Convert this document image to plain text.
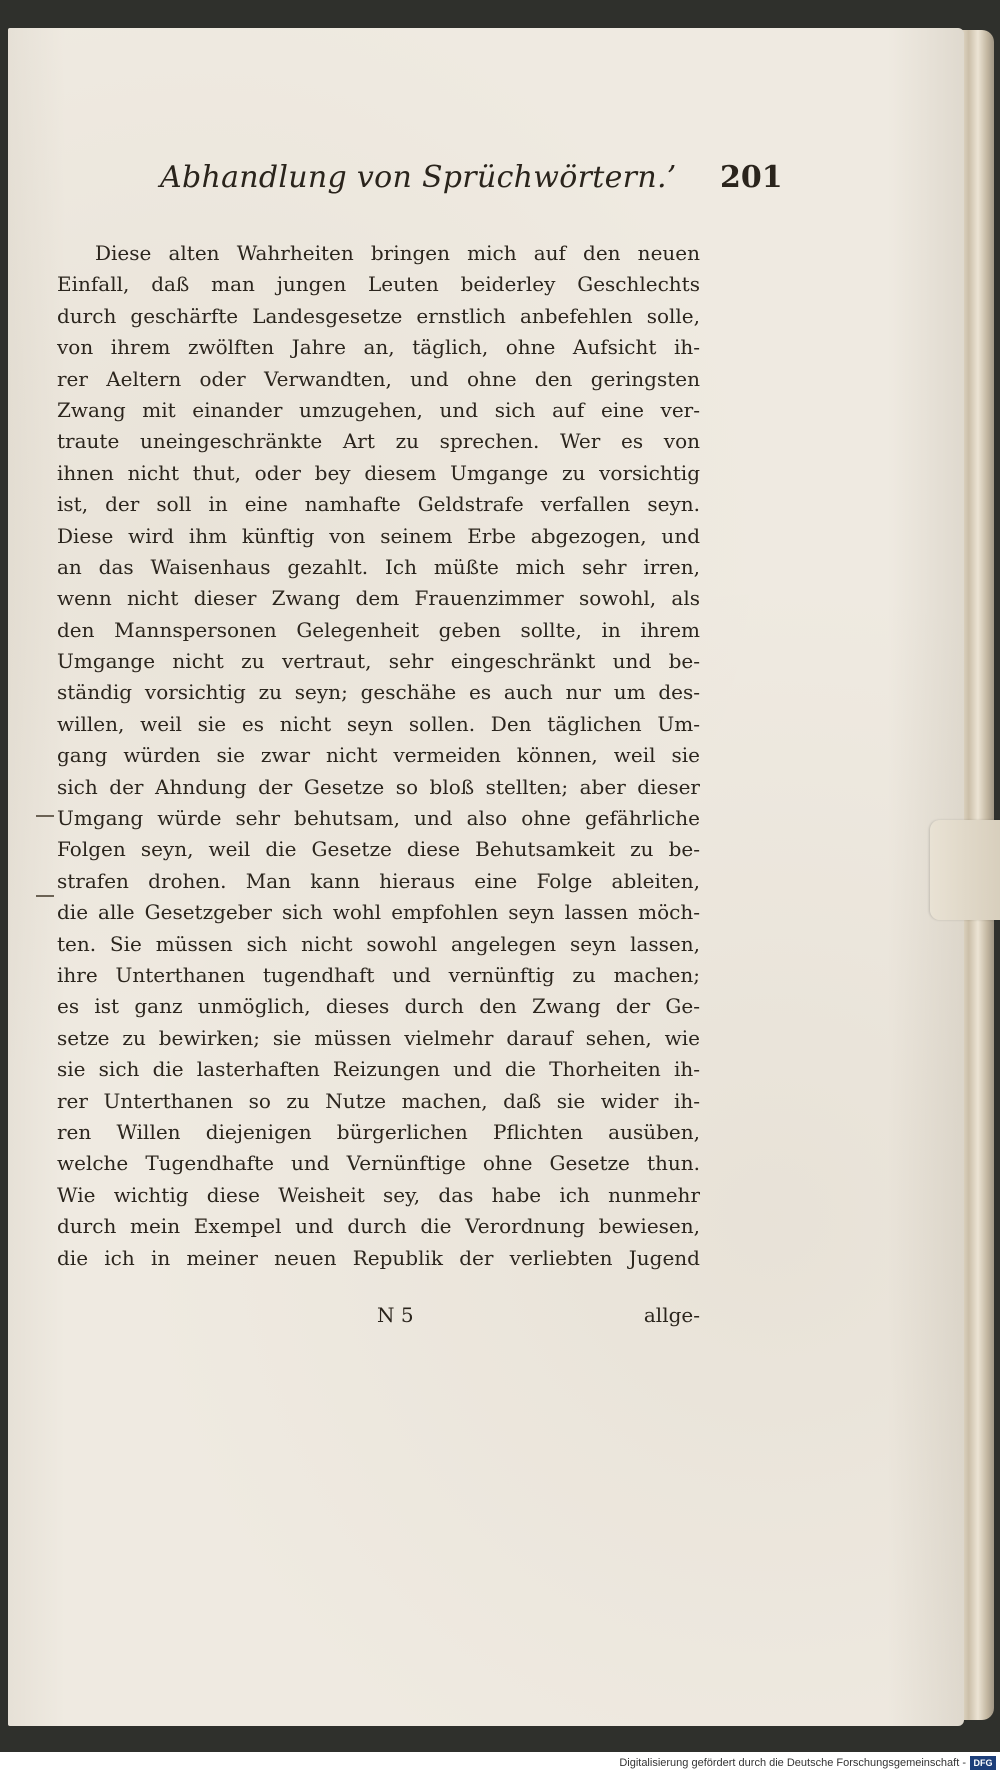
Abhandlung von Sprüchwörtern.’ 201
Diese alten Wahrheiten bringen mich auf den neuen
Einfall, daß man jungen Leuten beiderley Geschlechts
durch geschärfte Landesgesetze ernstlich anbefehlen solle,
von ihrem zwölften Jahre an, täglich, ohne Aufsicht ih-
rer Aeltern oder Verwandten, und ohne den geringsten
Zwang mit einander umzugehen, und sich auf eine ver-
traute uneingeschränkte Art zu sprechen. Wer es von
ihnen nicht thut, oder bey diesem Umgange zu vorsichtig
ist, der soll in eine namhafte Geldstrafe verfallen seyn.
Diese wird ihm künftig von seinem Erbe abgezogen, und
an das Waisenhaus gezahlt. Ich müßte mich sehr irren,
wenn nicht dieser Zwang dem Frauenzimmer sowohl, als
den Mannspersonen Gelegenheit geben sollte, in ihrem
Umgange nicht zu vertraut, sehr eingeschränkt und be-
ständig vorsichtig zu seyn; geschähe es auch nur um des-
willen, weil sie es nicht seyn sollen. Den täglichen Um-
gang würden sie zwar nicht vermeiden können, weil sie
sich der Ahndung der Gesetze so bloß stellten; aber dieser
Umgang würde sehr behutsam, und also ohne gefährliche
Folgen seyn, weil die Gesetze diese Behutsamkeit zu be-
strafen drohen. Man kann hieraus eine Folge ableiten,
die alle Gesetzgeber sich wohl empfohlen seyn lassen möch-
ten. Sie müssen sich nicht sowohl angelegen seyn lassen,
ihre Unterthanen tugendhaft und vernünftig zu machen;
es ist ganz unmöglich, dieses durch den Zwang der Ge-
setze zu bewirken; sie müssen vielmehr darauf sehen, wie
sie sich die lasterhaften Reizungen und die Thorheiten ih-
rer Unterthanen so zu Nutze machen, daß sie wider ih-
ren Willen diejenigen bürgerlichen Pflichten ausüben,
welche Tugendhafte und Vernünftige ohne Gesetze thun.
Wie wichtig diese Weisheit sey, das habe ich nunmehr
durch mein Exempel und durch die Verordnung bewiesen,
die ich in meiner neuen Republik der verliebten Jugend
N 5	allge-
Digitalisierung gefördert durch die Deutsche Forschungsgemeinschaft - DFG
